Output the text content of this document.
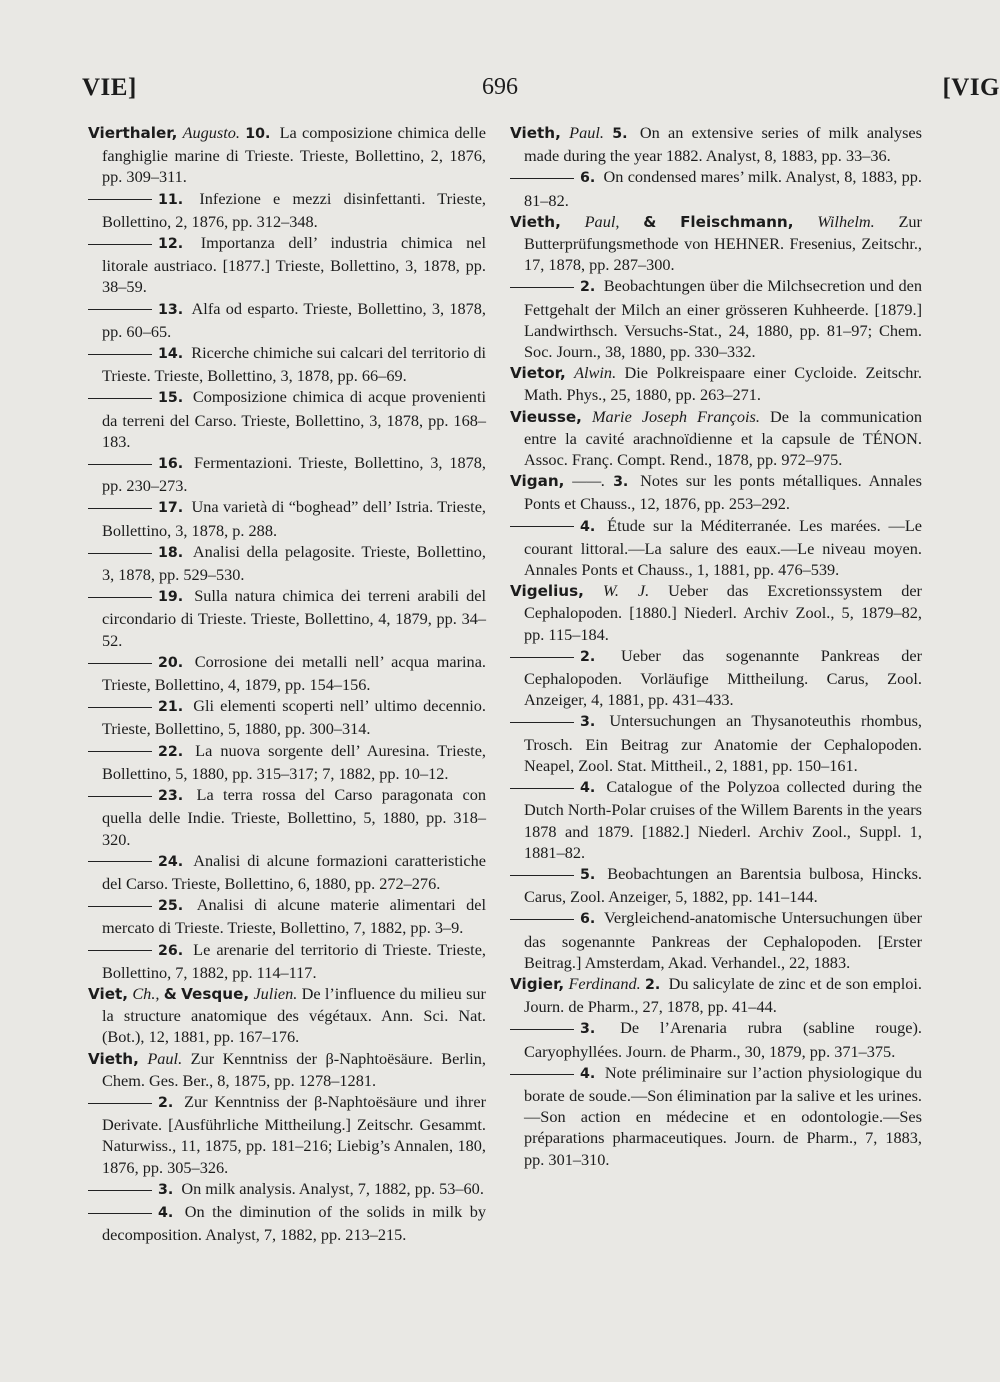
VIE]	696	[VIG

Vierthaler, Augusto. 10. La composizione chimica delle fanghiglie marine di Trieste. Trieste, Bollettino, 2, 1876, pp. 309–311.

11. Infezione e mezzi disinfettanti. Trieste, Bollettino, 2, 1876, pp. 312–348.

12. Importanza dell’ industria chimica nel litorale austriaco. [1877.] Trieste, Bollettino, 3, 1878, pp. 38–59.

13. Alfa od esparto. Trieste, Bollettino, 3, 1878, pp. 60–65.

14. Ricerche chimiche sui calcari del territorio di Trieste. Trieste, Bollettino, 3, 1878, pp. 66–69.

15. Composizione chimica di acque provenienti da terreni del Carso. Trieste, Bollettino, 3, 1878, pp. 168–183.

16. Fermentazioni. Trieste, Bollettino, 3, 1878, pp. 230–273.

17. Una varietà di “boghead” dell’ Istria. Trieste, Bollettino, 3, 1878, p. 288.

18. Analisi della pelagosite. Trieste, Bollettino, 3, 1878, pp. 529–530.

19. Sulla natura chimica dei terreni arabili del circondario di Trieste. Trieste, Bollettino, 4, 1879, pp. 34–52.

20. Corrosione dei metalli nell’ acqua marina. Trieste, Bollettino, 4, 1879, pp. 154–156.

21. Gli elementi scoperti nell’ ultimo decennio. Trieste, Bollettino, 5, 1880, pp. 300–314.

22. La nuova sorgente dell’ Auresina. Trieste, Bollettino, 5, 1880, pp. 315–317; 7, 1882, pp. 10–12.

23. La terra rossa del Carso paragonata con quella delle Indie. Trieste, Bollettino, 5, 1880, pp. 318–320.

24. Analisi di alcune formazioni caratteristiche del Carso. Trieste, Bollettino, 6, 1880, pp. 272–276.

25. Analisi di alcune materie alimentari del mercato di Trieste. Trieste, Bollettino, 7, 1882, pp. 3–9.

26. Le arenarie del territorio di Trieste. Trieste, Bollettino, 7, 1882, pp. 114–117.

Viet, Ch., & Vesque, Julien. De l’influence du milieu sur la structure anatomique des végétaux. Ann. Sci. Nat. (Bot.), 12, 1881, pp. 167–176.

Vieth, Paul. Zur Kenntniss der β-Naphtoësäure. Berlin, Chem. Ges. Ber., 8, 1875, pp. 1278–1281.

2. Zur Kenntniss der β-Naphtoësäure und ihrer Derivate. [Ausführliche Mittheilung.] Zeitschr. Gesammt. Naturwiss., 11, 1875, pp. 181–216; Liebig’s Annalen, 180, 1876, pp. 305–326.

3. On milk analysis. Analyst, 7, 1882, pp. 53–60.

4. On the diminution of the solids in milk by decomposition. Analyst, 7, 1882, pp. 213–215.

Vieth, Paul. 5. On an extensive series of milk analyses made during the year 1882. Analyst, 8, 1883, pp. 33–36.

6. On condensed mares’ milk. Analyst, 8, 1883, pp. 81–82.

Vieth, Paul, & Fleischmann, Wilhelm. Zur Butterprüfungsmethode von HEHNER. Fresenius, Zeitschr., 17, 1878, pp. 287–300.

2. Beobachtungen über die Milchsecretion und den Fettgehalt der Milch an einer grösseren Kuhheerde. [1879.] Landwirthsch. Versuchs-Stat., 24, 1880, pp. 81–97; Chem. Soc. Journ., 38, 1880, pp. 330–332.

Vietor, Alwin. Die Polkreispaare einer Cycloide. Zeitschr. Math. Phys., 25, 1880, pp. 263–271.

Vieusse, Marie Joseph François. De la communication entre la cavité arachnoïdienne et la capsule de TÉNON. Assoc. Franç. Compt. Rend., 1878, pp. 972–975.

Vigan, ——. 3. Notes sur les ponts métalliques. Annales Ponts et Chauss., 12, 1876, pp. 253–292.

4. Étude sur la Méditerranée. Les marées. —Le courant littoral.—La salure des eaux.—Le niveau moyen. Annales Ponts et Chauss., 1, 1881, pp. 476–539.

Vigelius, W. J. Ueber das Excretionssystem der Cephalopoden. [1880.] Niederl. Archiv Zool., 5, 1879–82, pp. 115–184.

2. Ueber das sogenannte Pankreas der Cephalopoden. Vorläufige Mittheilung. Carus, Zool. Anzeiger, 4, 1881, pp. 431–433.

3. Untersuchungen an Thysanoteuthis rhombus, Trosch. Ein Beitrag zur Anatomie der Cephalopoden. Neapel, Zool. Stat. Mittheil., 2, 1881, pp. 150–161.

4. Catalogue of the Polyzoa collected during the Dutch North-Polar cruises of the Willem Barents in the years 1878 and 1879. [1882.] Niederl. Archiv Zool., Suppl. 1, 1881–82.

5. Beobachtungen an Barentsia bulbosa, Hincks. Carus, Zool. Anzeiger, 5, 1882, pp. 141–144.

6. Vergleichend-anatomische Untersuchungen über das sogenannte Pankreas der Cephalopoden. [Erster Beitrag.] Amsterdam, Akad. Verhandel., 22, 1883.

Vigier, Ferdinand. 2. Du salicylate de zinc et de son emploi. Journ. de Pharm., 27, 1878, pp. 41–44.

3. De l’Arenaria rubra (sabline rouge). Caryophyllées. Journ. de Pharm., 30, 1879, pp. 371–375.

4. Note préliminaire sur l’action physiologique du borate de soude.—Son élimination par la salive et les urines.—Son action en médecine et en odontologie.—Ses préparations pharmaceutiques. Journ. de Pharm., 7, 1883, pp. 301–310.
